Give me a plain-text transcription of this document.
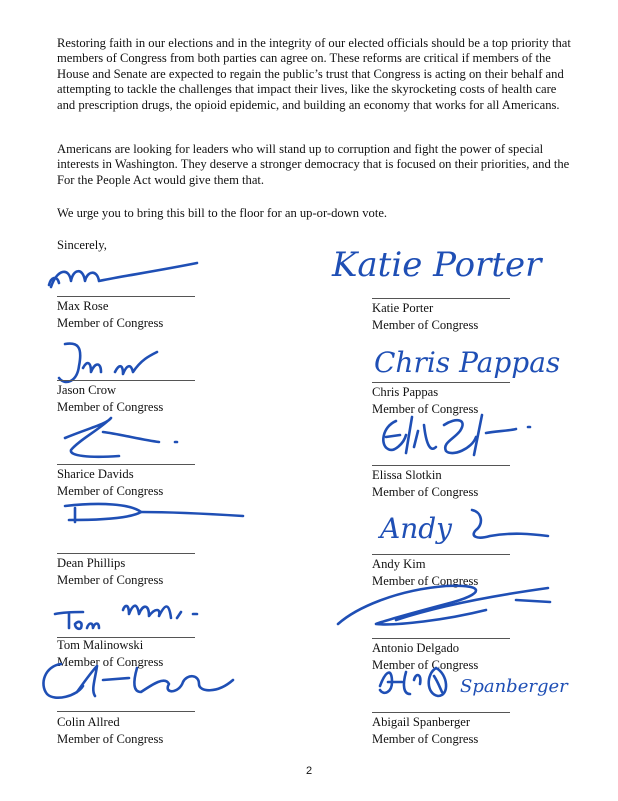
Restoring faith in our elections and in the integrity of our elected officials should be a top priority that members of Congress from both parties can agree on. These reforms are critical if members of the House and Senate are expected to regain the public’s trust that Congress is acting on their behalf and attempting to tackle the challenges that impact their lives, like the skyrocketing costs of health care and prescription drugs, the opioid epidemic, and building an economy that works for all Americans.

Americans are looking for leaders who will stand up to corruption and fight the power of special interests in Washington. They deserve a stronger democracy that is focused on their priorities, and the For the People Act would give them that.

We urge you to bring this bill to the floor for an up-or-down vote.

Sincerely,
Max Rose
Member of Congress
Jason Crow
Member of Congress
Sharice Davids
Member of Congress
Dean Phillips
Member of Congress
Tom Malinowski
Member of Congress
Colin Allred
Member of Congress
Katie Porter
Katie Porter
Member of Congress
Chris Pappas
Chris Pappas
Member of Congress
Elissa Slotkin
Member of Congress
Andy
Andy Kim
Member of Congress
Antonio Delgado
Member of Congress
Spanberger
Abigail Spanberger
Member of Congress
2
